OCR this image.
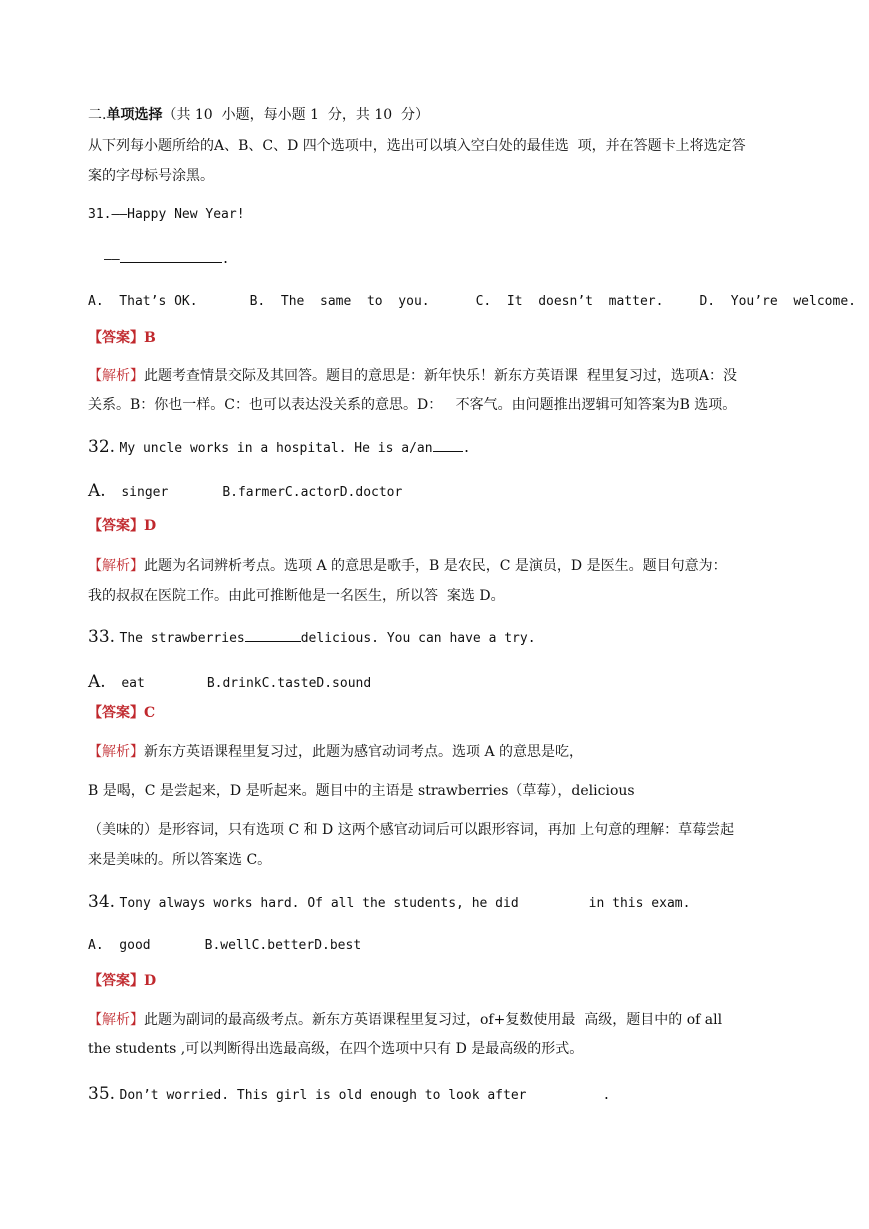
二.单项选择（共 10  小题，每小题 1  分，共 10  分）
从下列每小题所给的A、B、C、D 四个选项中，选出可以填入空白处的最佳选  项，并在答题卡上将选定答
案的字母标号涂黑。
31.——Happy New Year!
——	.
A.  That’s OK.	B.  The  same  to  you.	C.  It  doesn’t  matter.	D.  You’re  welcome.
【答案】B
【解析】此题考查情景交际及其回答。题目的意思是：新年快乐！新东方英语课  程里复习过，选项A：没
关系。B：你也一样。C：也可以表达没关系的意思。D：   不客气。由问题推出逻辑可知答案为B 选项。
32. My uncle works in a hospital. He is a/an .
A. singer	B.farmerC.actorD.doctor
【答案】D
【解析】此题为名词辨析考点。选项 A 的意思是歌手，B 是农民，C 是演员，D 是医生。题目句意为：
我的叔叔在医院工作。由此可推断他是一名医生，所以答  案选 D。
33. The strawberries	delicious. You can have a try.
A. eat	B.drinkC.tasteD.sound
【答案】C
【解析】新东方英语课程里复习过，此题为感官动词考点。选项 A 的意思是吃，
B 是喝，C 是尝起来，D 是听起来。题目中的主语是 strawberries（草莓），delicious
（美味的）是形容词，只有选项 C 和 D 这两个感官动词后可以跟形容词，再加 上句意的理解：草莓尝起
来是美味的。所以答案选 C。
34. Tony always works hard. Of all the students, he did	in this exam.
A.  good	B.wellC.betterD.best
【答案】D
【解析】此题为副词的最高级考点。新东方英语课程里复习过，of+复数使用最  高级，题目中的 of all
the students ,可以判断得出选最高级，在四个选项中只有 D 是最高级的形式。
35. Don’t worried. This girl is old enough to look after	.
